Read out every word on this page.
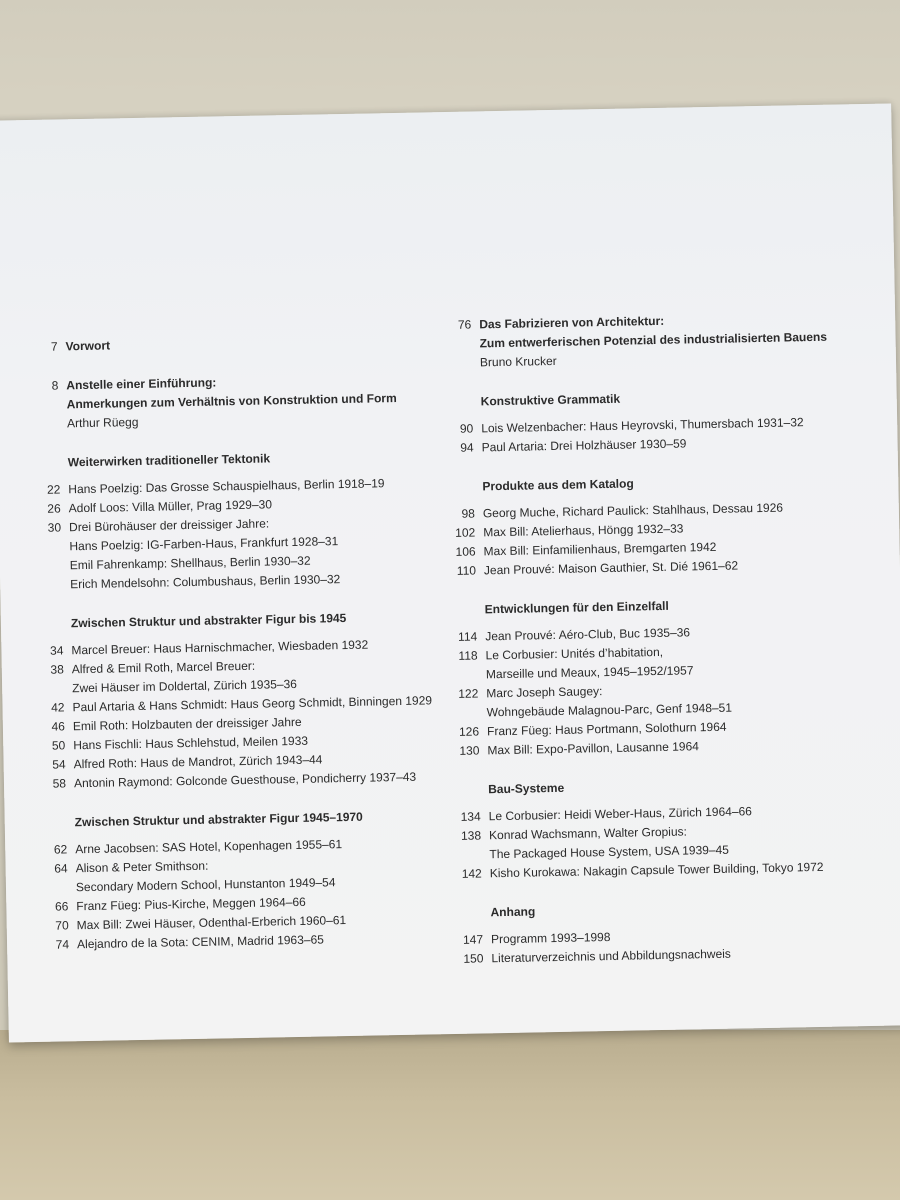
7 Vorwort
8 Anstelle einer Einführung:
Anmerkungen zum Verhältnis von Konstruktion und Form
Arthur Rüegg
Weiterwirken traditioneller Tektonik
22 Hans Poelzig: Das Grosse Schauspielhaus, Berlin 1918–19
26 Adolf Loos: Villa Müller, Prag 1929–30
30 Drei Bürohäuser der dreissiger Jahre:
Hans Poelzig: IG-Farben-Haus, Frankfurt 1928–31
Emil Fahrenkamp: Shellhaus, Berlin 1930–32
Erich Mendelsohn: Columbushaus, Berlin 1930–32
Zwischen Struktur und abstrakter Figur bis 1945
34 Marcel Breuer: Haus Harnischmacher, Wiesbaden 1932
38 Alfred & Emil Roth, Marcel Breuer:
Zwei Häuser im Doldertal, Zürich 1935–36
42 Paul Artaria & Hans Schmidt: Haus Georg Schmidt, Binningen 1929
46 Emil Roth: Holzbauten der dreissiger Jahre
50 Hans Fischli: Haus Schlehstud, Meilen 1933
54 Alfred Roth: Haus de Mandrot, Zürich 1943–44
58 Antonin Raymond: Golconde Guesthouse, Pondicherry 1937–43
Zwischen Struktur und abstrakter Figur 1945–1970
62 Arne Jacobsen: SAS Hotel, Kopenhagen 1955–61
64 Alison & Peter Smithson:
Secondary Modern School, Hunstanton 1949–54
66 Franz Füeg: Pius-Kirche, Meggen 1964–66
70 Max Bill: Zwei Häuser, Odenthal-Erberich 1960–61
74 Alejandro de la Sota: CENIM, Madrid 1963–65
76 Das Fabrizieren von Architektur:
Zum entwerferischen Potenzial des industrialisierten Bauens
Bruno Krucker
Konstruktive Grammatik
90 Lois Welzenbacher: Haus Heyrovski, Thumersbach 1931–32
94 Paul Artaria: Drei Holzhäuser 1930–59
Produkte aus dem Katalog
98 Georg Muche, Richard Paulick: Stahlhaus, Dessau 1926
102 Max Bill: Atelierhaus, Höngg 1932–33
106 Max Bill: Einfamilienhaus, Bremgarten 1942
110 Jean Prouvé: Maison Gauthier, St. Dié 1961–62
Entwicklungen für den Einzelfall
114 Jean Prouvé: Aéro-Club, Buc 1935–36
118 Le Corbusier: Unités d’habitation,
Marseille und Meaux, 1945–1952/1957
122 Marc Joseph Saugey:
Wohngebäude Malagnou-Parc, Genf 1948–51
126 Franz Füeg: Haus Portmann, Solothurn 1964
130 Max Bill: Expo-Pavillon, Lausanne 1964
Bau-Systeme
134 Le Corbusier: Heidi Weber-Haus, Zürich 1964–66
138 Konrad Wachsmann, Walter Gropius:
The Packaged House System, USA 1939–45
142 Kisho Kurokawa: Nakagin Capsule Tower Building, Tokyo 1972
Anhang
147 Programm 1993–1998
150 Literaturverzeichnis und Abbildungsnachweis
